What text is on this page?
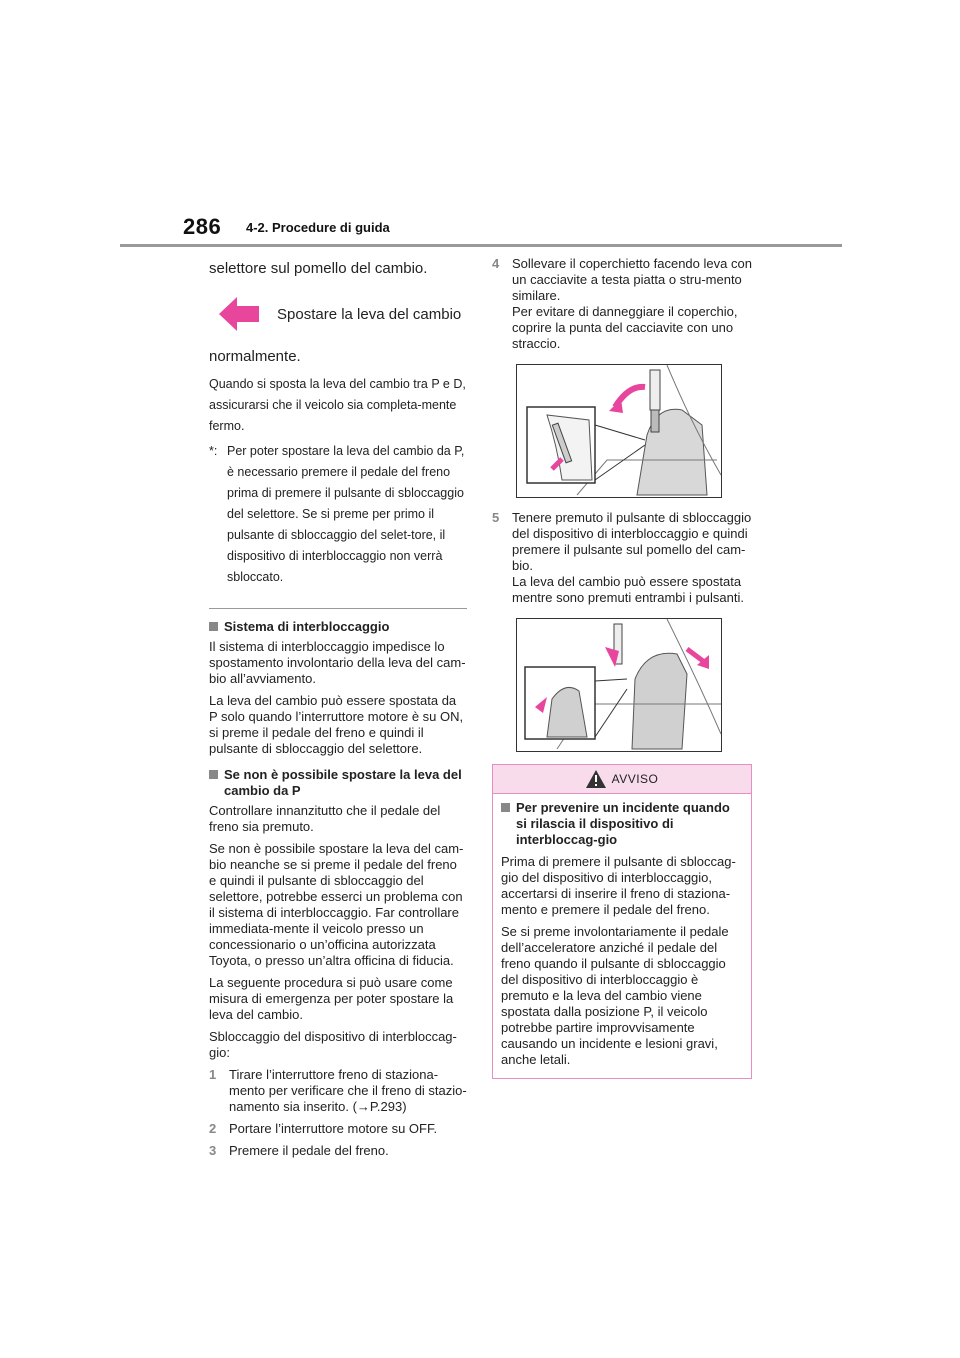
286 4-2. Procedure di guida

selettore sul pomello del cambio.

Spostare la leva del cambio

normalmente.

Quando si sposta la leva del cambio tra P e D, assicurarsi che il veicolo sia completa-mente fermo.

*: Per poter spostare la leva del cambio da P, è necessario premere il pedale del freno prima di premere il pulsante di sbloccaggio del selettore. Se si preme per primo il pulsante di sbloccaggio del selet-tore, il dispositivo di interbloccaggio non verrà sbloccato.
Sistema di interbloccaggio

Il sistema di interbloccaggio impedisce lo spostamento involontario della leva del cam-bio all’avviamento.

La leva del cambio può essere spostata da P solo quando l’interruttore motore è su ON, si preme il pedale del freno e quindi il pulsante di sbloccaggio del selettore.

Se non è possibile spostare la leva del cambio da P

Controllare innanzitutto che il pedale del freno sia premuto.

Se non è possibile spostare la leva del cam-bio neanche se si preme il pedale del freno e quindi il pulsante di sbloccaggio del selettore, potrebbe esserci un problema con il sistema di interbloccaggio. Far controllare immediata-mente il veicolo presso un concessionario o un’officina autorizzata Toyota, o presso un’altra officina di fiducia.

La seguente procedura si può usare come misura di emergenza per poter spostare la leva del cambio.

Sbloccaggio del dispositivo di interbloccag-gio:

1 Tirare l’interruttore freno di staziona-mento per verificare che il freno di stazio-namento sia inserito. (→P.293)
2 Portare l’interruttore motore su OFF.
3 Premere il pedale del freno.
4 Sollevare il coperchietto facendo leva con un cacciavite a testa piatta o stru-mento similare.
Per evitare di danneggiare il coperchio, coprire la punta del cacciavite con uno straccio.
5 Tenere premuto il pulsante di sbloccaggio del dispositivo di interbloccaggio e quindi premere il pulsante sul pomello del cam-bio.
La leva del cambio può essere spostata mentre sono premuti entrambi i pulsanti.
AVVISO
Per prevenire un incidente quando si rilascia il dispositivo di interbloccag-gio

Prima di premere il pulsante di sbloccag-gio del dispositivo di interbloccaggio, accertarsi di inserire il freno di staziona-mento e premere il pedale del freno.

Se si preme involontariamente il pedale dell’acceleratore anziché il pedale del freno quando il pulsante di sbloccaggio del dispositivo di interbloccaggio è premuto e la leva del cambio viene spostata dalla posizione P, il veicolo potrebbe partire improvvisamente causando un incidente e lesioni gravi, anche letali.
